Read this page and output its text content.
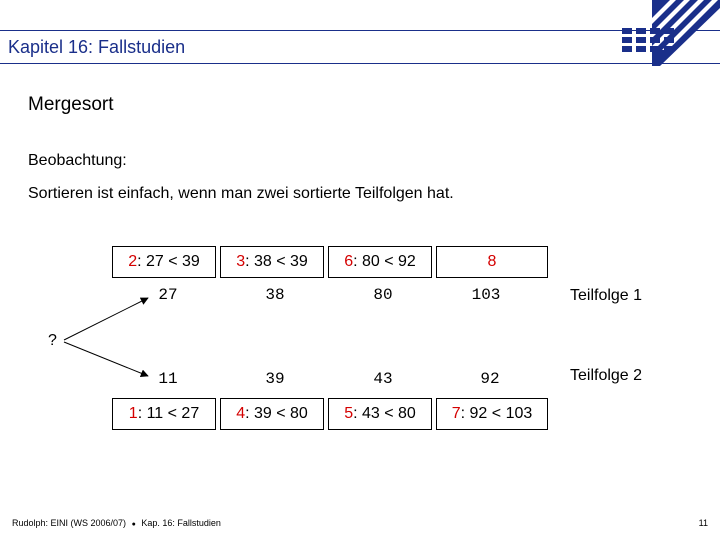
Kapitel 16: Fallstudien
Mergesort
Beobachtung:
Sortieren ist einfach, wenn man zwei sortierte Teilfolgen hat.
2 : 27 < 39 3 : 38 < 39 6 : 80 < 92	8
27	38	80	103	Teilfolge 1
?
11	39	43	92	Teilfolge 2
1 : 11 < 27 4 : 39 < 80 5 : 43 < 80 7 : 92 < 103
Rudolph: EINI (WS 2006/07) ● Kap. 16: Fallstudien	11
